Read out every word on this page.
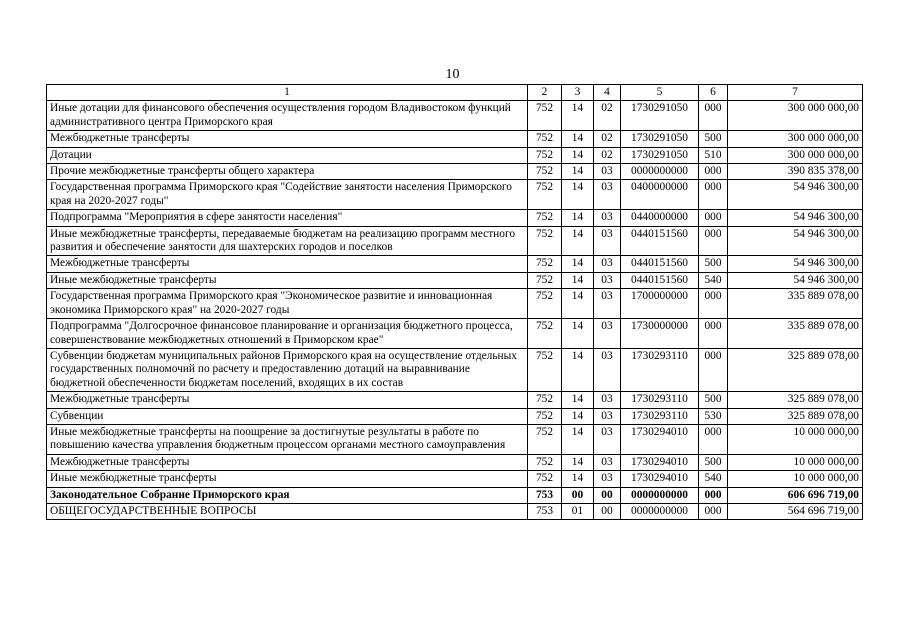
10
1	2	3	4	5	6	7
Иные дотации для финансового обеспечения осуществления городом Владивостоком функций административного центра Приморского края	752	14	02	1730291050	000	300 000 000,00
Межбюджетные трансферты	752	14	02	1730291050	500	300 000 000,00
Дотации	752	14	02	1730291050	510	300 000 000,00
Прочие межбюджетные трансферты общего характера	752	14	03	0000000000	000	390 835 378,00
Государственная программа Приморского края "Содействие занятости населения Приморского края на 2020-2027 годы"	752	14	03	0400000000	000	54 946 300,00
Подпрограмма "Мероприятия в сфере занятости населения"	752	14	03	0440000000	000	54 946 300,00
Иные межбюджетные трансферты, передаваемые бюджетам на реализацию программ местного развития и обеспечение занятости для шахтерских городов и поселков	752	14	03	0440151560	000	54 946 300,00
Межбюджетные трансферты	752	14	03	0440151560	500	54 946 300,00
Иные межбюджетные трансферты	752	14	03	0440151560	540	54 946 300,00
Государственная программа Приморского края "Экономическое развитие и инновационная экономика Приморского края" на 2020-2027 годы	752	14	03	1700000000	000	335 889 078,00
Подпрограмма "Долгосрочное финансовое планирование и организация бюджетного процесса, совершенствование межбюджетных отношений в Приморском крае"	752	14	03	1730000000	000	335 889 078,00
Субвенции бюджетам муниципальных районов Приморского края на осуществление отдельных государственных полномочий по расчету и предоставлению дотаций на выравнивание бюджетной обеспеченности бюджетам поселений, входящих в их состав	752	14	03	1730293110	000	325 889 078,00
Межбюджетные трансферты	752	14	03	1730293110	500	325 889 078,00
Субвенции	752	14	03	1730293110	530	325 889 078,00
Иные межбюджетные трансферты на поощрение за достигнутые результаты в работе по повышению качества управления бюджетным процессом органами местного самоуправления	752	14	03	1730294010	000	10 000 000,00
Межбюджетные трансферты	752	14	03	1730294010	500	10 000 000,00
Иные межбюджетные трансферты	752	14	03	1730294010	540	10 000 000,00
Законодательное Собрание Приморского края	753	00	00	0000000000	000	606 696 719,00
ОБЩЕГОСУДАРСТВЕННЫЕ ВОПРОСЫ	753	01	00	0000000000	000	564 696 719,00
